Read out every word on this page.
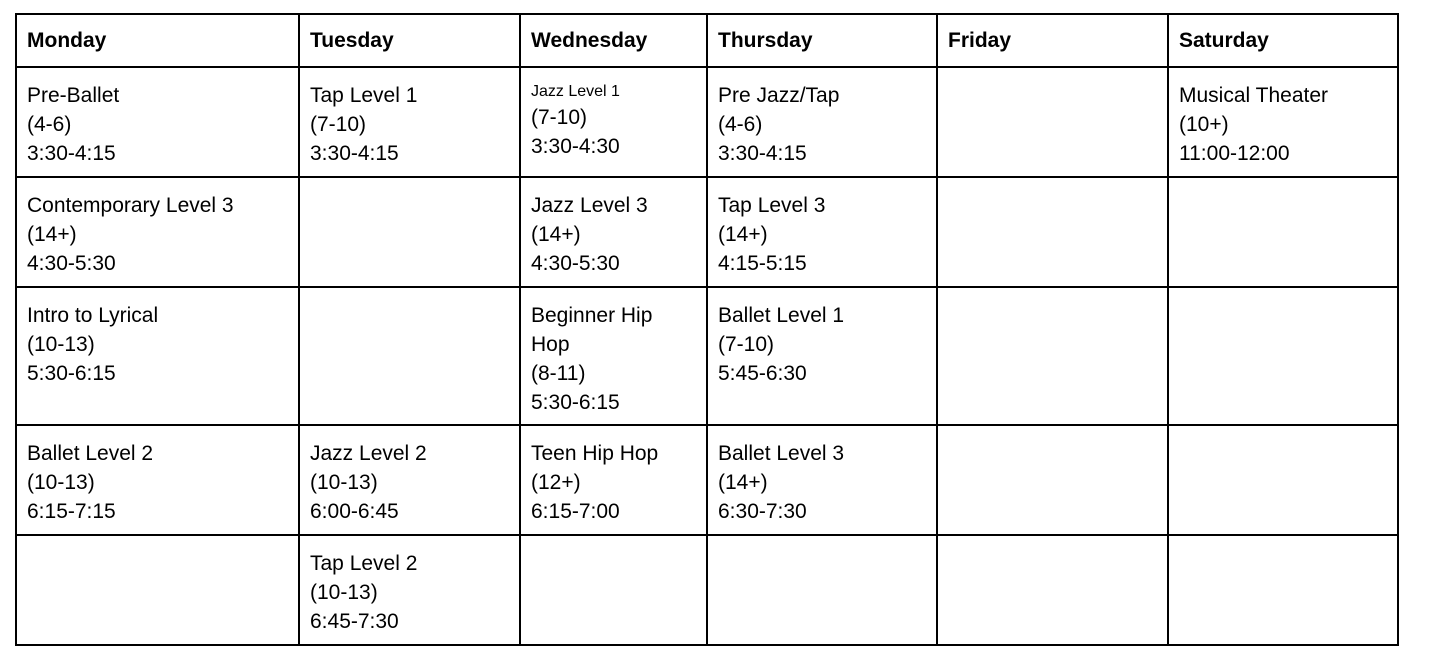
Monday	Tuesday	Wednesday	Thursday	Friday	Saturday

Pre-Ballet
(4-6)
3:30-4:15	Tap Level 1
(7-10)
3:30-4:15	Jazz Level 1
(7-10)
3:30-4:30	Pre Jazz/Tap
(4-6)
3:30-4:15		Musical Theater
(10+)
11:00-12:00

Contemporary Level 3
(14+)
4:30-5:30		Jazz Level 3
(14+)
4:30-5:30	Tap Level 3
(14+)
4:15-5:15		

Intro to Lyrical
(10-13)
5:30-6:15		Beginner Hip Hop
(8-11)
5:30-6:15	Ballet Level 1
(7-10)
5:45-6:30		

Ballet Level 2
(10-13)
6:15-7:15	Jazz Level 2
(10-13)
6:00-6:45	Teen Hip Hop
(12+)
6:15-7:00	Ballet Level 3
(14+)
6:30-7:30		

	Tap Level 2
(10-13)
6:45-7:30				
